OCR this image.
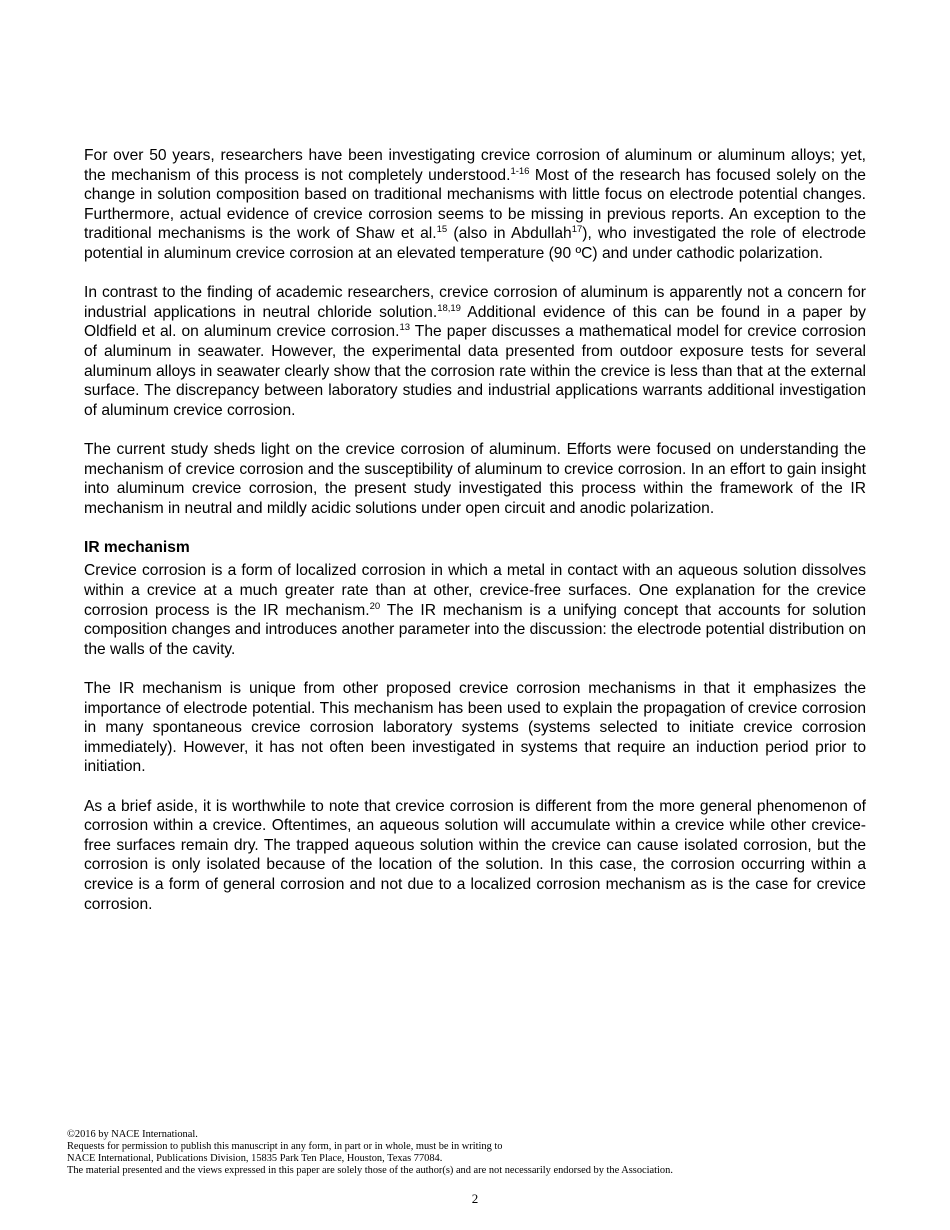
For over 50 years, researchers have been investigating crevice corrosion of aluminum or aluminum alloys; yet, the mechanism of this process is not completely understood.$^{1-16}$ Most of the research has focused solely on the change in solution composition based on traditional mechanisms with little focus on electrode potential changes. Furthermore, actual evidence of crevice corrosion seems to be missing in previous reports. An exception to the traditional mechanisms is the work of Shaw et al.$^{15}$ (also in Abdullah$^{17}$), who investigated the role of electrode potential in aluminum crevice corrosion at an elevated temperature (90 ºC) and under cathodic polarization.

In contrast to the finding of academic researchers, crevice corrosion of aluminum is apparently not a concern for industrial applications in neutral chloride solution.$^{18,19}$ Additional evidence of this can be found in a paper by Oldfield et al. on aluminum crevice corrosion.$^{13}$ The paper discusses a mathematical model for crevice corrosion of aluminum in seawater. However, the experimental data presented from outdoor exposure tests for several aluminum alloys in seawater clearly show that the corrosion rate within the crevice is less than that at the external surface. The discrepancy between laboratory studies and industrial applications warrants additional investigation of aluminum crevice corrosion.

The current study sheds light on the crevice corrosion of aluminum. Efforts were focused on understanding the mechanism of crevice corrosion and the susceptibility of aluminum to crevice corrosion. In an effort to gain insight into aluminum crevice corrosion, the present study investigated this process within the framework of the IR mechanism in neutral and mildly acidic solutions under open circuit and anodic polarization.

IR mechanism

Crevice corrosion is a form of localized corrosion in which a metal in contact with an aqueous solution dissolves within a crevice at a much greater rate than at other, crevice-free surfaces. One explanation for the crevice corrosion process is the IR mechanism.$^{20}$ The IR mechanism is a unifying concept that accounts for solution composition changes and introduces another parameter into the discussion: the electrode potential distribution on the walls of the cavity.

The IR mechanism is unique from other proposed crevice corrosion mechanisms in that it emphasizes the importance of electrode potential. This mechanism has been used to explain the propagation of crevice corrosion in many spontaneous crevice corrosion laboratory systems (systems selected to initiate crevice corrosion immediately). However, it has not often been investigated in systems that require an induction period prior to initiation.

As a brief aside, it is worthwhile to note that crevice corrosion is different from the more general phenomenon of corrosion within a crevice. Oftentimes, an aqueous solution will accumulate within a crevice while other crevice-free surfaces remain dry. The trapped aqueous solution within the crevice can cause isolated corrosion, but the corrosion is only isolated because of the location of the solution. In this case, the corrosion occurring within a crevice is a form of general corrosion and not due to a localized corrosion mechanism as is the case for crevice corrosion.

©2016 by NACE International.
Requests for permission to publish this manuscript in any form, in part or in whole, must be in writing to
NACE International, Publications Division, 15835 Park Ten Place, Houston, Texas 77084.
The material presented and the views expressed in this paper are solely those of the author(s) and are not necessarily endorsed by the Association.
2
